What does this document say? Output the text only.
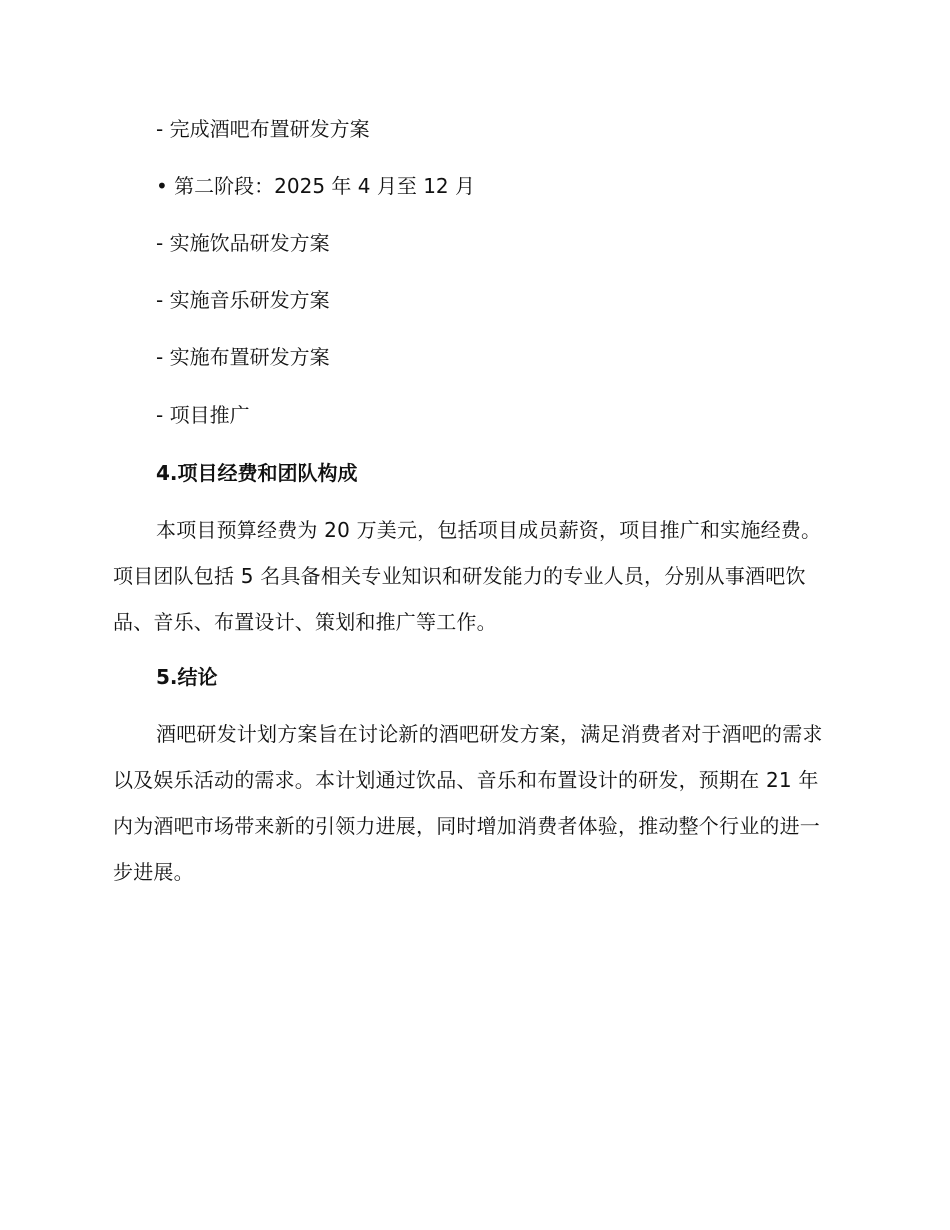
- 完成酒吧布置研发方案
• 第二阶段：2025 年 4 月至 12 月
- 实施饮品研发方案
- 实施音乐研发方案
- 实施布置研发方案
- 项目推广
4.项目经费和团队构成

本项目预算经费为 20 万美元，包括项目成员薪资，项目推广和实施经费。项目团队包括 5 名具备相关专业知识和研发能力的专业人员，分别从事酒吧饮品、音乐、布置设计、策划和推广等工作。

5.结论

酒吧研发计划方案旨在讨论新的酒吧研发方案，满足消费者对于酒吧的需求以及娱乐活动的需求。本计划通过饮品、音乐和布置设计的研发，预期在 21 年内为酒吧市场带来新的引领力进展，同时增加消费者体验，推动整个行业的进一步进展。
